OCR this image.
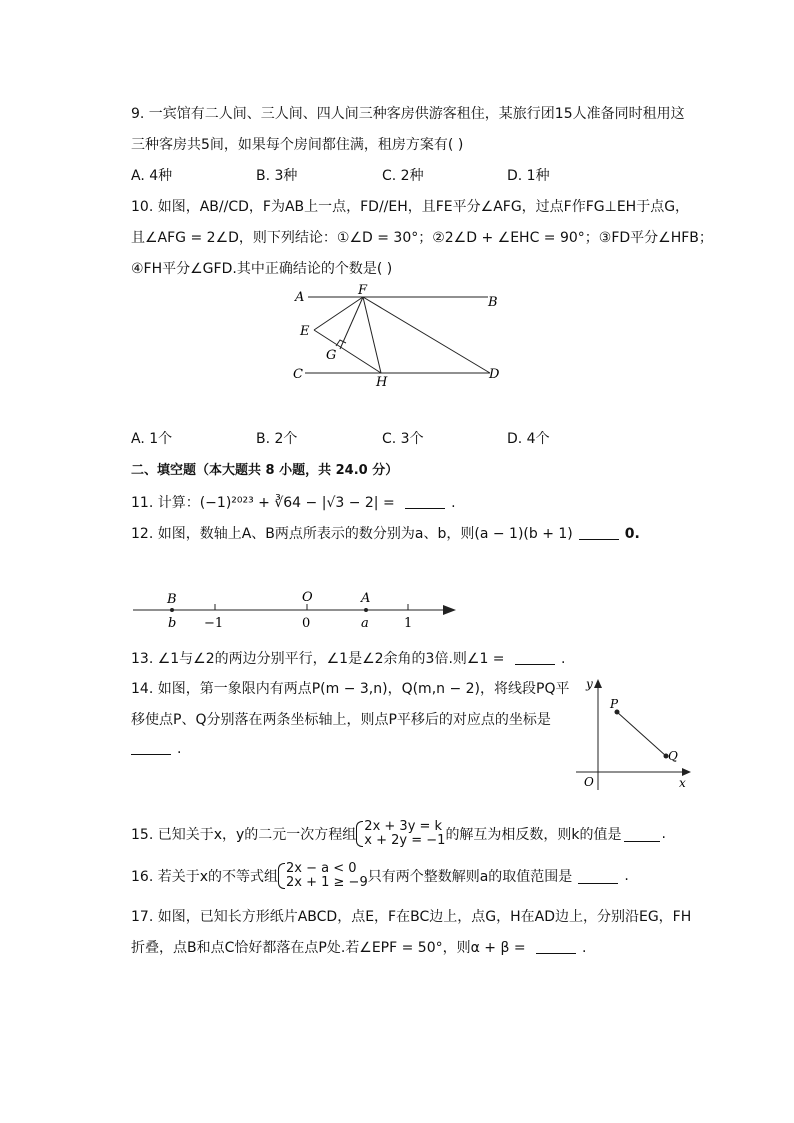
9. 一宾馆有二人间、三人间、四人间三种客房供游客租住，某旅行团15人准备同时租用这
三种客房共5间，如果每个房间都住满，租房方案有( )
A. 4种	B. 3种	C. 2种	D. 1种
10. 如图，AB//CD，F为AB上一点，FD//EH，且FE平分∠AFG，过点F作FG⊥EH于点G，
且∠AFG = 2∠D，则下列结论：①∠D = 30°；②2∠D + ∠EHC = 90°；③FD平分∠HFB；
④FH平分∠GFD.其中正确结论的个数是( )
A	F
B
E
G
C
H
D
A. 1个	B. 2个	C. 3个	D. 4个
二、填空题（本大题共 8 小题，共 24.0 分）
11. 计算：(−1)²⁰²³ + ∛64 − |√3 − 2| =	.
12. 如图，数轴上A、B两点所表示的数分别为a、b，则(a − 1)(b + 1)	0.
B
b −1
O
0
A
a	1
13. ∠1与∠2的两边分别平行，∠1是∠2余角的3倍.则∠1 =	.
14. 如图，第一象限内有两点P(m − 3,n)，Q(m,n − 2)，将线段PQ平
移使点P、Q分别落在两条坐标轴上，则点P平移后的对应点的坐标是
.
y
x
O
P
Q
15. 已知关于x，y的二元一次方程组
2x + 3y = k
x + 2y = −1 的解互为相反数，则k的值是	.
16. 若关于x的不等式组
2x − a < 0
2x + 1 ≥ −9 只有两个整数解则a的取值范围是	.
17. 如图，已知长方形纸片ABCD，点E，F在BC边上，点G，H在AD边上，分别沿EG，FH
折叠，点B和点C恰好都落在点P处.若∠EPF = 50°，则α + β =	.
